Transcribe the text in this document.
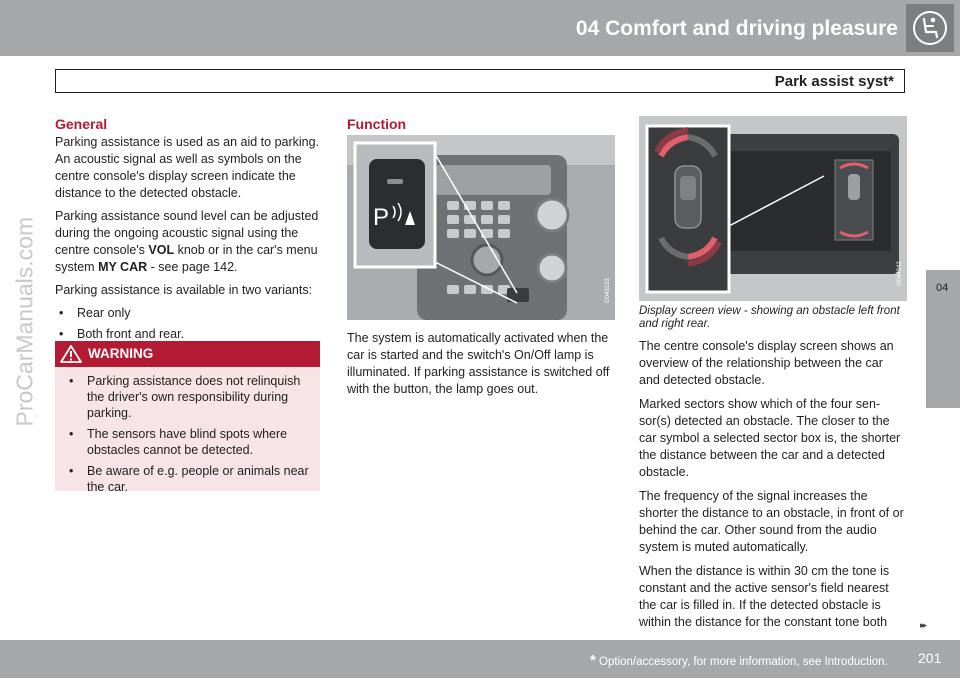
04 Comfort and driving pleasure
Park assist syst*
04
ProCarManuals.com
General

Parking assistance is used as an aid to parking. An acoustic signal as well as symbols on the centre console's display screen indicate the distance to the detected obstacle.

Parking assistance sound level can be adjusted during the ongoing acoustic signal using the centre console's VOL knob or in the car's menu system MY CAR - see page 142.

Parking assistance is available in two variants:

• Rear only
• Both front and rear.
WARNING
• Parking assistance does not relinquish the driver's own responsibility during parking.
• The sensors have blind spots where obstacles cannot be detected.
• Be aware of e.g. people or animals near the car.
Function
P
G043153
The system is automatically activated when the car is started and the switch's On/Off lamp is illuminated. If parking assistance is switched off with the button, the lamp goes out.
G044942
Display screen view - showing an obstacle left front and right rear.

The centre console's display screen shows an overview of the relationship between the car and detected obstacle.

Marked sectors show which of the four sen-sor(s) detected an obstacle. The closer to the car symbol a selected sector box is, the shorter the distance between the car and a detected obstacle.

The frequency of the signal increases the shorter the distance to an obstacle, in front of or behind the car. Other sound from the audio system is muted automatically.

When the distance is within 30 cm the tone is constant and the active sensor's field nearest the car is filled in. If the detected obstacle is within the distance for the constant tone both	▸▸
* Option/accessory, for more information, see Introduction. 201
